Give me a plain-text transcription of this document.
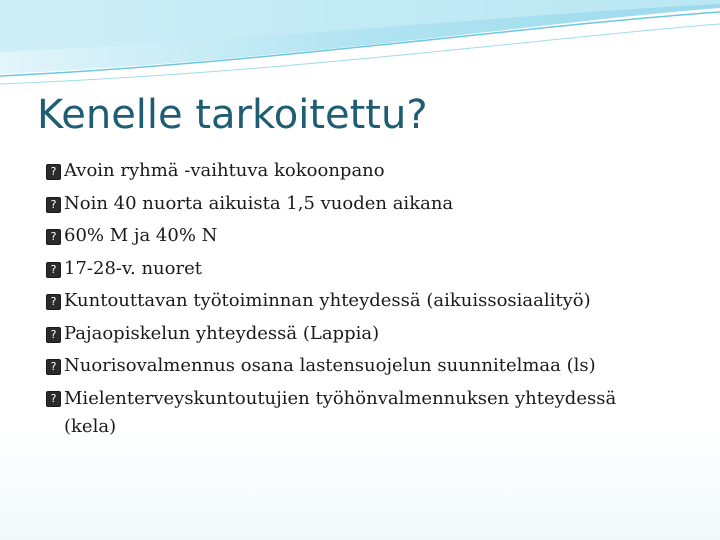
Kenelle tarkoitettu?
? Avoin ryhmä -vaihtuva kokoonpano
? Noin 40 nuorta aikuista 1,5 vuoden aikana
? 60% M ja 40% N
? 17-28-v. nuoret
? Kuntouttavan työtoiminnan yhteydessä (aikuissosiaalityö)
? Pajaopiskelun yhteydessä (Lappia)
? Nuorisovalmennus osana lastensuojelun suunnitelmaa (ls)
? Mielenterveyskuntoutujien työhönvalmennuksen yhteydessä (kela)
